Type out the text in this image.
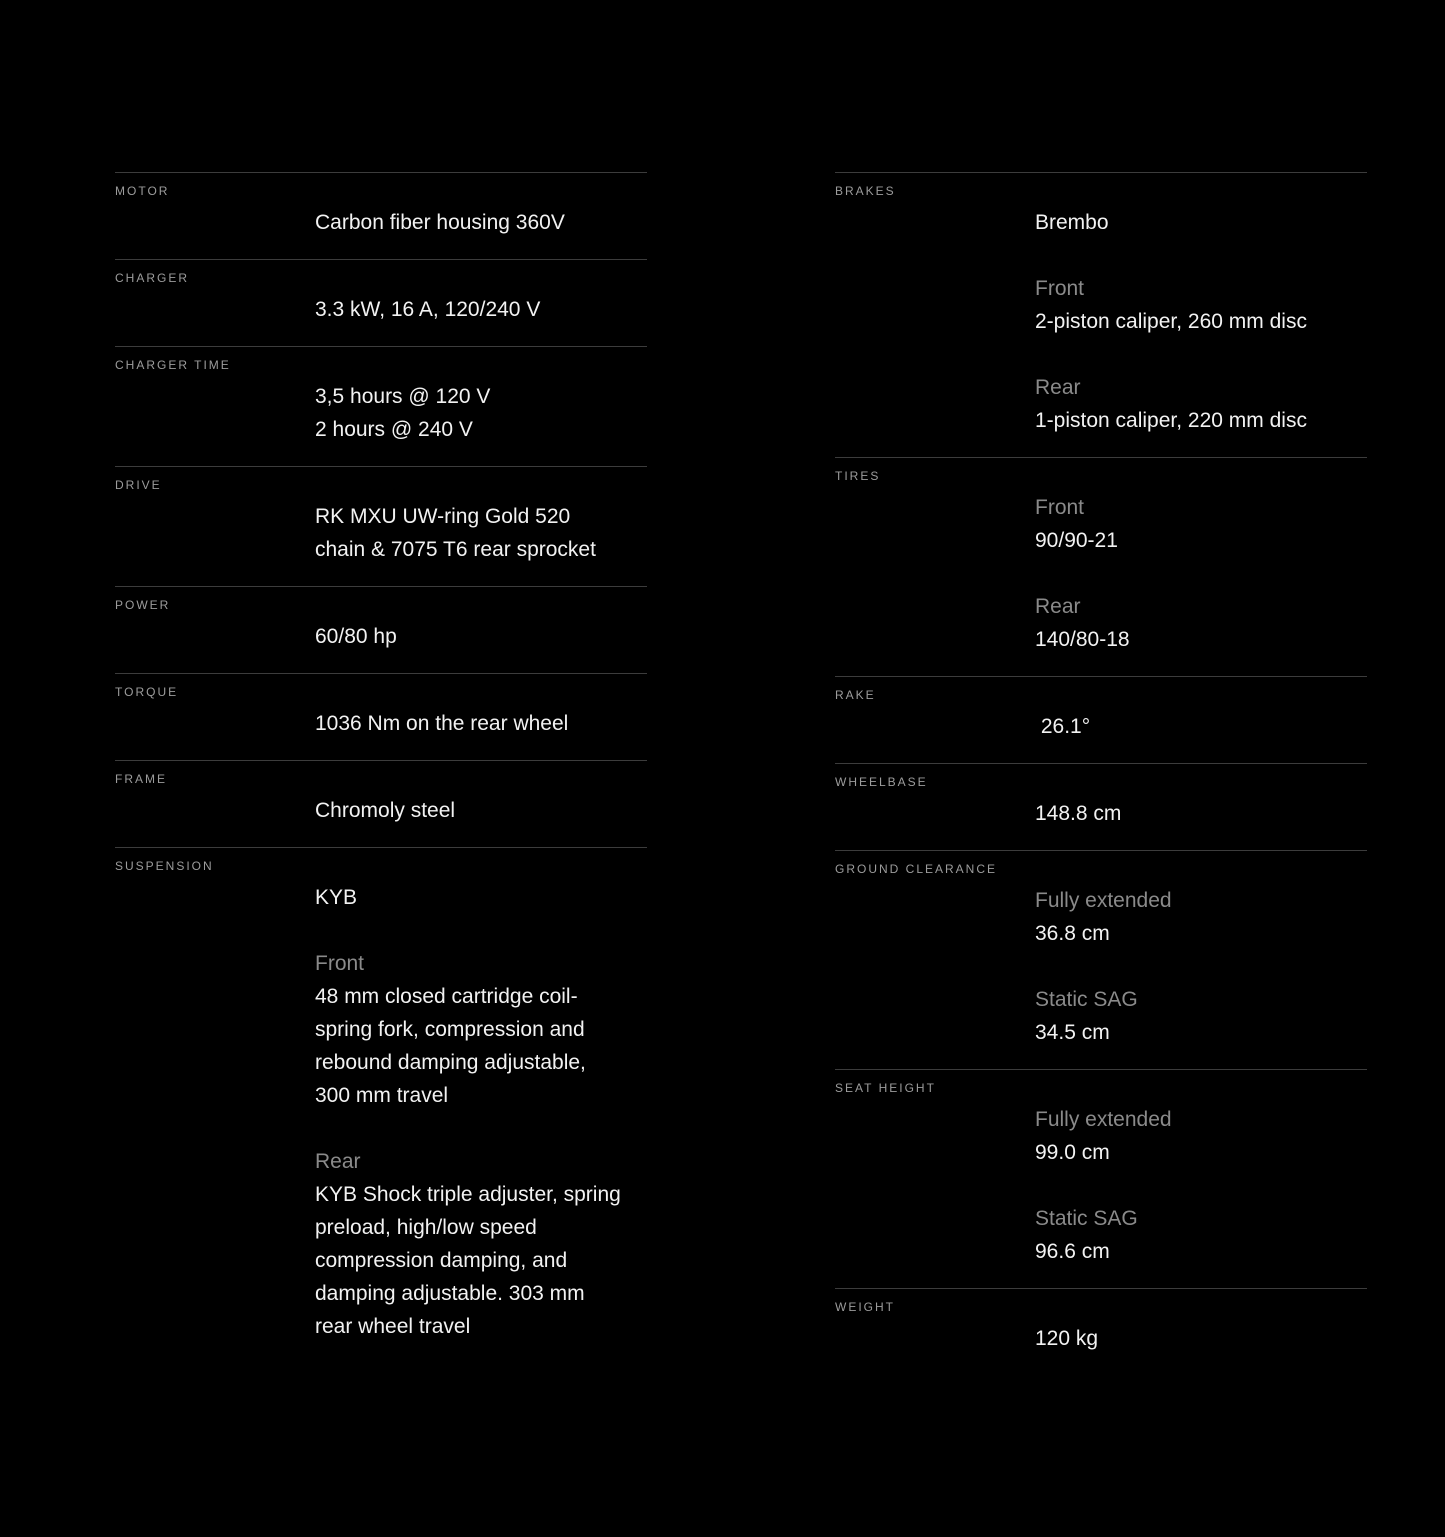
MOTOR
Carbon fiber housing 360V
CHARGER
3.3 kW, 16 A, 120/240 V
CHARGER TIME
3,5 hours @ 120 V
2 hours @ 240 V
DRIVE
RK MXU UW-ring Gold 520 chain & 7075 T6 rear sprocket
POWER
60/80 hp
TORQUE
1036 Nm on the rear wheel
FRAME
Chromoly steel
SUSPENSION
KYB
Front
48 mm closed cartridge coil-spring fork, compression and rebound damping adjustable, 300 mm travel
Rear
KYB Shock triple adjuster, spring preload, high/low speed compression damping, and damping adjustable. 303 mm rear wheel travel
BRAKES
Brembo
Front
2-piston caliper, 260 mm disc
Rear
1-piston caliper, 220 mm disc
TIRES
Front
90/90-21
Rear
140/80-18
RAKE
26.1°
WHEELBASE
148.8 cm
GROUND CLEARANCE
Fully extended
36.8 cm
Static SAG
34.5 cm
SEAT HEIGHT
Fully extended
99.0 cm
Static SAG
96.6 cm
WEIGHT
120 kg
